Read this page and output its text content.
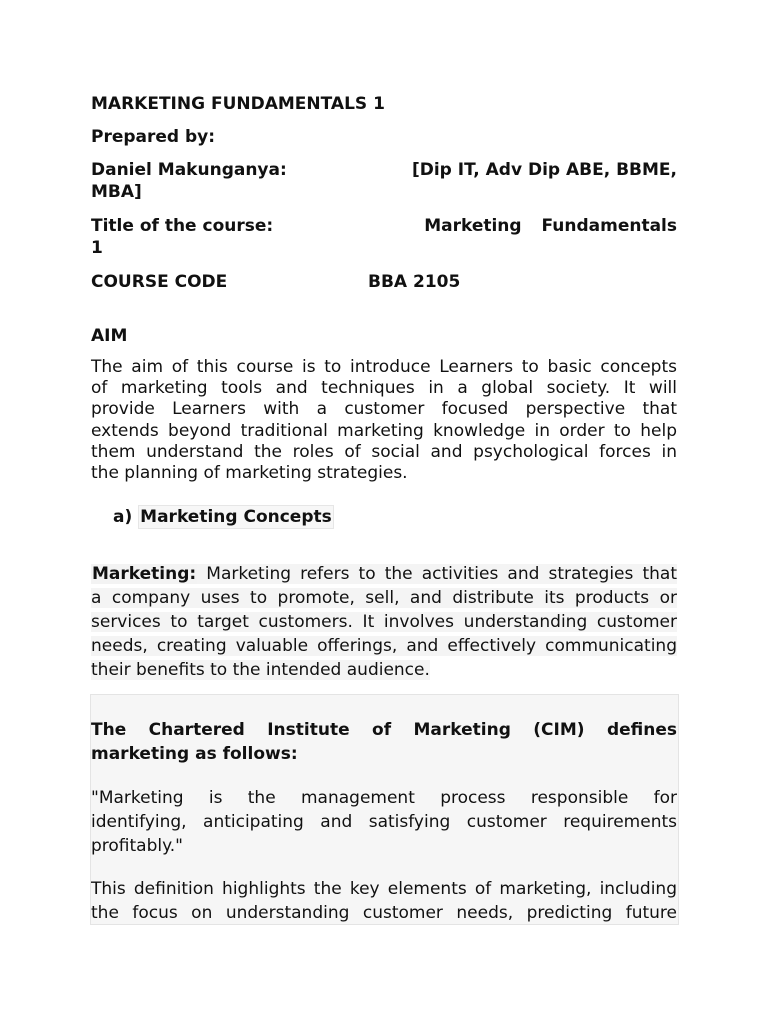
MARKETING FUNDAMENTALS 1
Prepared by:
Daniel Makunganya:	[Dip IT, Adv Dip ABE, BBME,
MBA]
Title of the course:	Marketing Fundamentals
1
COURSE CODE	BBA 2105
AIM
The aim of this course is to introduce Learners to basic concepts
of marketing tools and techniques in a global society. It will
provide Learners with a customer focused perspective that
extends beyond traditional marketing knowledge in order to help
them understand the roles of social and psychological forces in
the planning of marketing strategies.
a) Marketing Concepts
Marketing: Marketing refers to the activities and strategies that
a company uses to promote, sell, and distribute its products or
services to target customers. It involves understanding customer
needs, creating valuable offerings, and effectively communicating
their benefits to the intended audience.
The Chartered Institute of Marketing (CIM) defines
marketing as follows:
"Marketing is the management process responsible for
identifying, anticipating and satisfying customer requirements
profitably."
This definition highlights the key elements of marketing, including
the focus on understanding customer needs, predicting future
